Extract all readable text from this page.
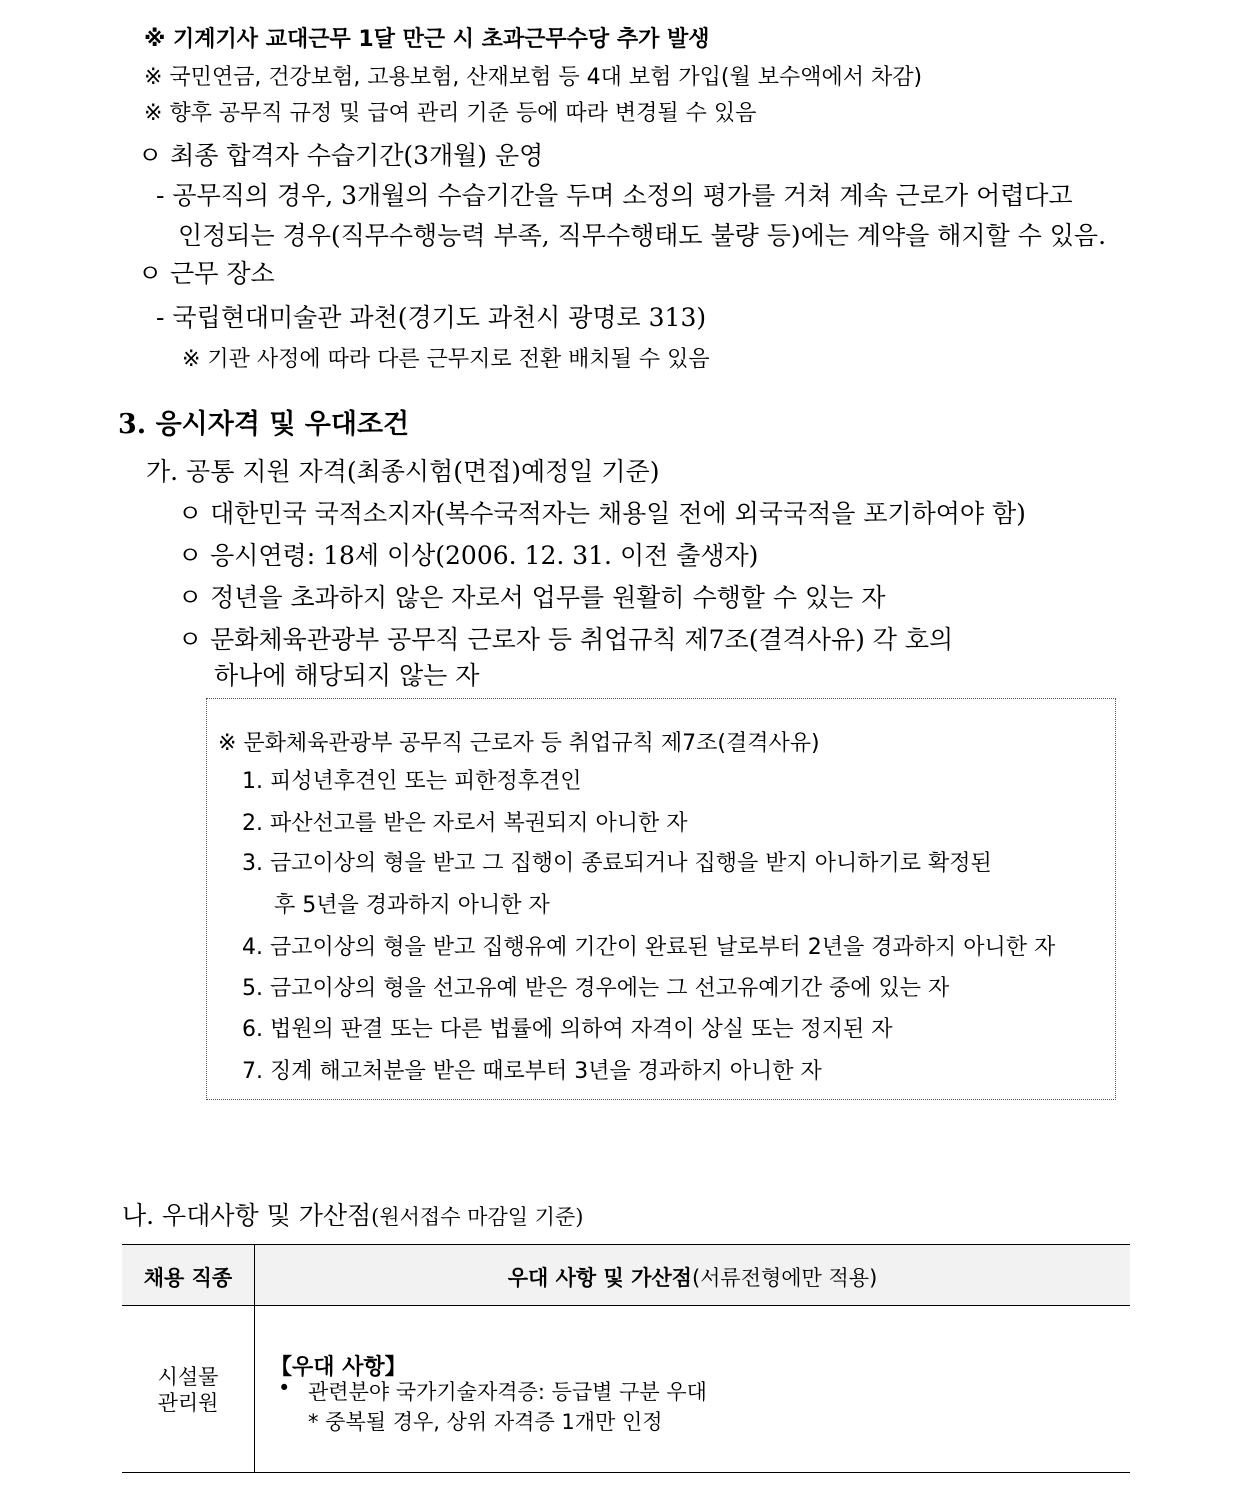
※ 기계기사 교대근무 1달 만근 시 초과근무수당 추가 발생
※ 국민연금, 건강보험, 고용보험, 산재보험 등 4대 보험 가입(월 보수액에서 차감)
※ 향후 공무직 규정 및 급여 관리 기준 등에 따라 변경될 수 있음
ㅇ 최종 합격자 수습기간(3개월) 운영
- 공무직의 경우, 3개월의 수습기간을 두며 소정의 평가를 거쳐 계속 근로가 어렵다고
인정되는 경우(직무수행능력 부족, 직무수행태도 불량 등)에는 계약을 해지할 수 있음.
ㅇ 근무 장소
- 국립현대미술관 과천(경기도 과천시 광명로 313)
※ 기관 사정에 따라 다른 근무지로 전환 배치될 수 있음
3. 응시자격 및 우대조건
가. 공통 지원 자격(최종시험(면접)예정일 기준)
ㅇ 대한민국 국적소지자(복수국적자는 채용일 전에 외국국적을 포기하여야 함)
ㅇ 응시연령: 18세 이상(2006. 12. 31. 이전 출생자)
ㅇ 정년을 초과하지 않은 자로서 업무를 원활히 수행할 수 있는 자
ㅇ 문화체육관광부 공무직 근로자 등 취업규칙 제7조(결격사유) 각 호의
하나에 해당되지 않는 자
※ 문화체육관광부 공무직 근로자 등 취업규칙 제7조(결격사유)
1. 피성년후견인 또는 피한정후견인
2. 파산선고를 받은 자로서 복권되지 아니한 자
3. 금고이상의 형을 받고 그 집행이 종료되거나 집행을 받지 아니하기로 확정된
후 5년을 경과하지 아니한 자
4. 금고이상의 형을 받고 집행유예 기간이 완료된 날로부터 2년을 경과하지 아니한 자
5. 금고이상의 형을 선고유예 받은 경우에는 그 선고유예기간 중에 있는 자
6. 법원의 판결 또는 다른 법률에 의하여 자격이 상실 또는 정지된 자
7. 징계 해고처분을 받은 때로부터 3년을 경과하지 아니한 자
나. 우대사항 및 가산점(원서접수 마감일 기준)
채용 직종	우대 사항 및 가산점(서류전형에만 적용)
시설물
관리원
【우대 사항】
• 관련분야 국가기술자격증: 등급별 구분 우대
* 중복될 경우, 상위 자격증 1개만 인정
